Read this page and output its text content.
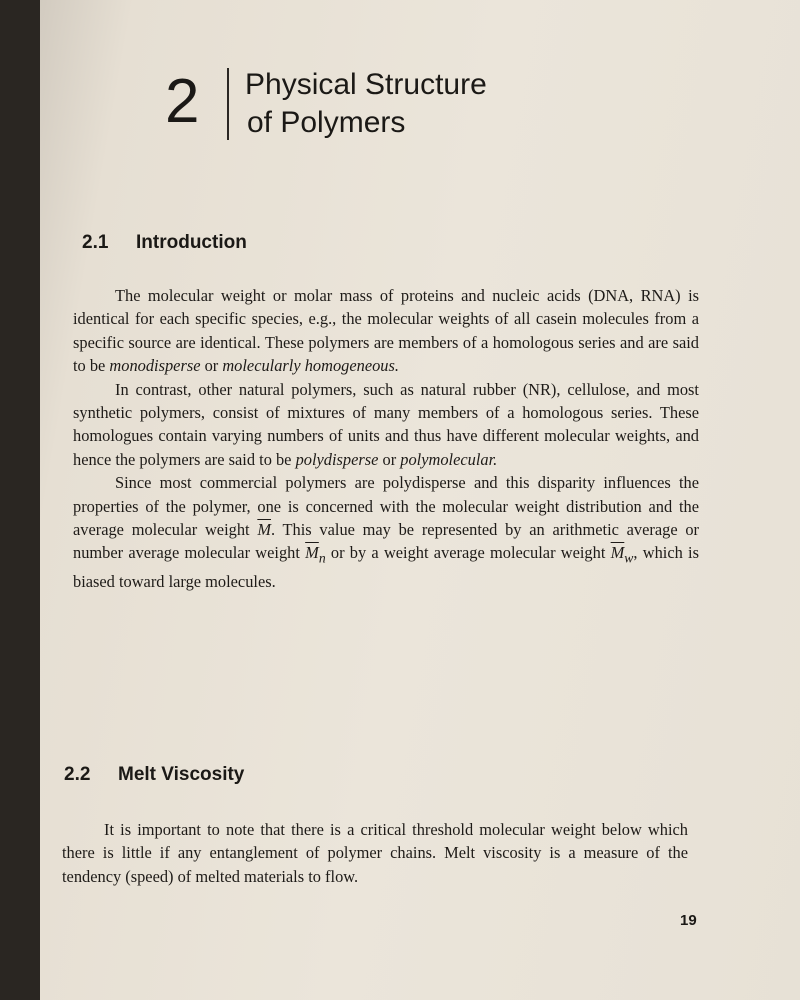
2 Physical Structure
of Polymers
2.1 Introduction

The molecular weight or molar mass of proteins and nucleic acids (DNA, RNA) is identical for each specific species, e.g., the molecular weights of all casein molecules from a specific source are identical. These polymers are members of a homologous series and are said to be monodisperse or molecularly homogeneous.

In contrast, other natural polymers, such as natural rubber (NR), cellulose, and most synthetic polymers, consist of mixtures of many members of a homologous series. These homologues contain varying numbers of units and thus have different molecular weights, and hence the polymers are said to be polydisperse or polymolecular.

Since most commercial polymers are polydisperse and this disparity influences the properties of the polymer, one is concerned with the molecular weight distribution and the average molecular weight $\overline{M}$. This value may be represented by an arithmetic average or number average molecular weight $\overline{M}_n$ or by a weight average molecular weight $\overline{M}_w$, which is biased toward large molecules.

2.2 Melt Viscosity

It is important to note that there is a critical threshold molecular weight below which there is little if any entanglement of polymer chains. Melt viscosity is a measure of the tendency (speed) of melted materials to flow.

19
